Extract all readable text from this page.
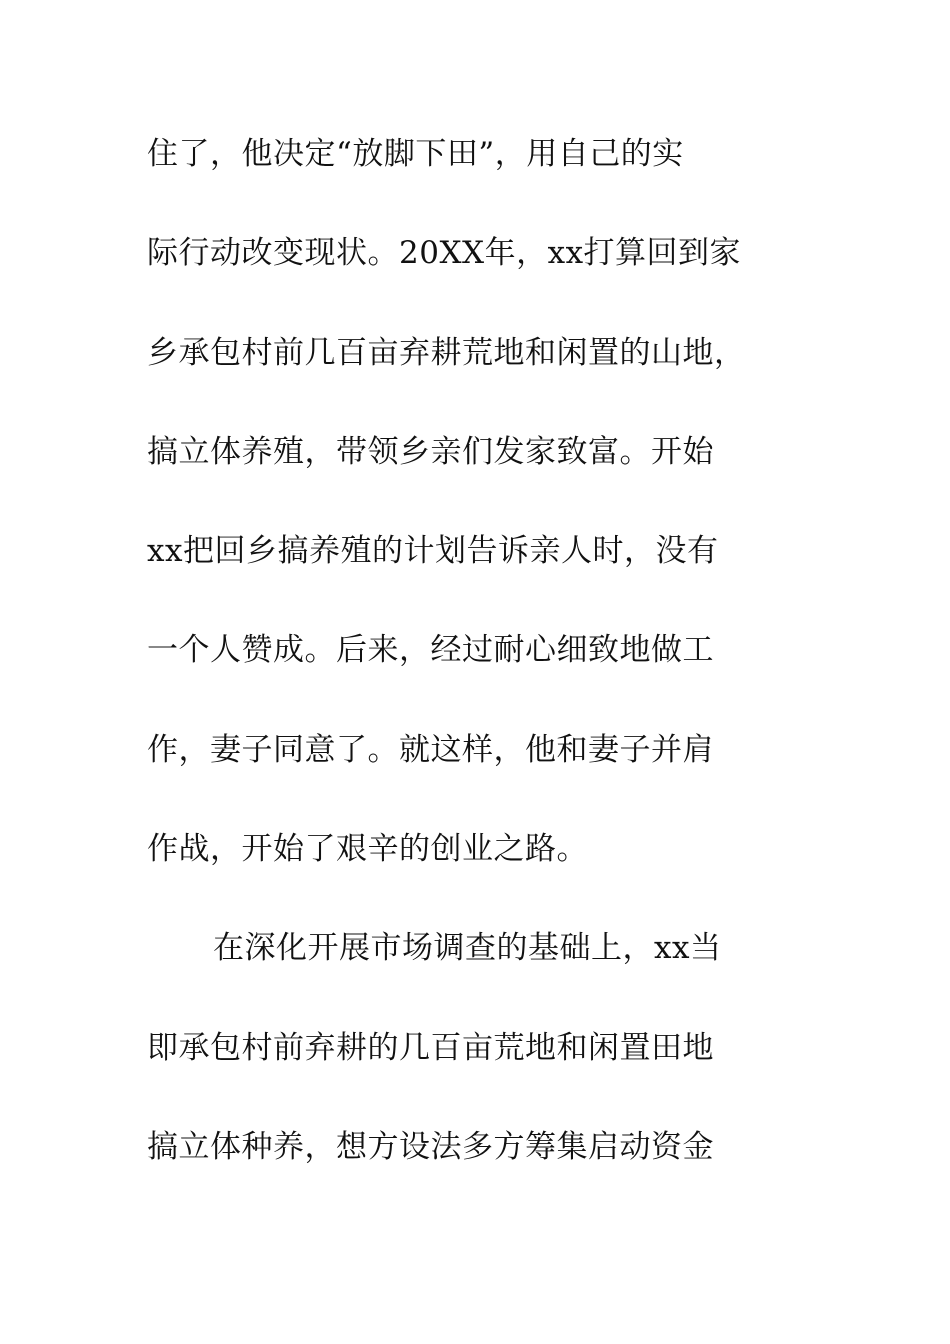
住了，他决定“放脚下田”，用自己的实
际行动改变现状。20XX年，xx打算回到家
乡承包村前几百亩弃耕荒地和闲置的山地，
搞立体养殖，带领乡亲们发家致富。开始
xx把回乡搞养殖的计划告诉亲人时，没有
一个人赞成。后来，经过耐心细致地做工
作，妻子同意了。就这样，他和妻子并肩
作战，开始了艰辛的创业之路。
在深化开展市场调查的基础上，xx当
即承包村前弃耕的几百亩荒地和闲置田地
搞立体种养，想方设法多方筹集启动资金
